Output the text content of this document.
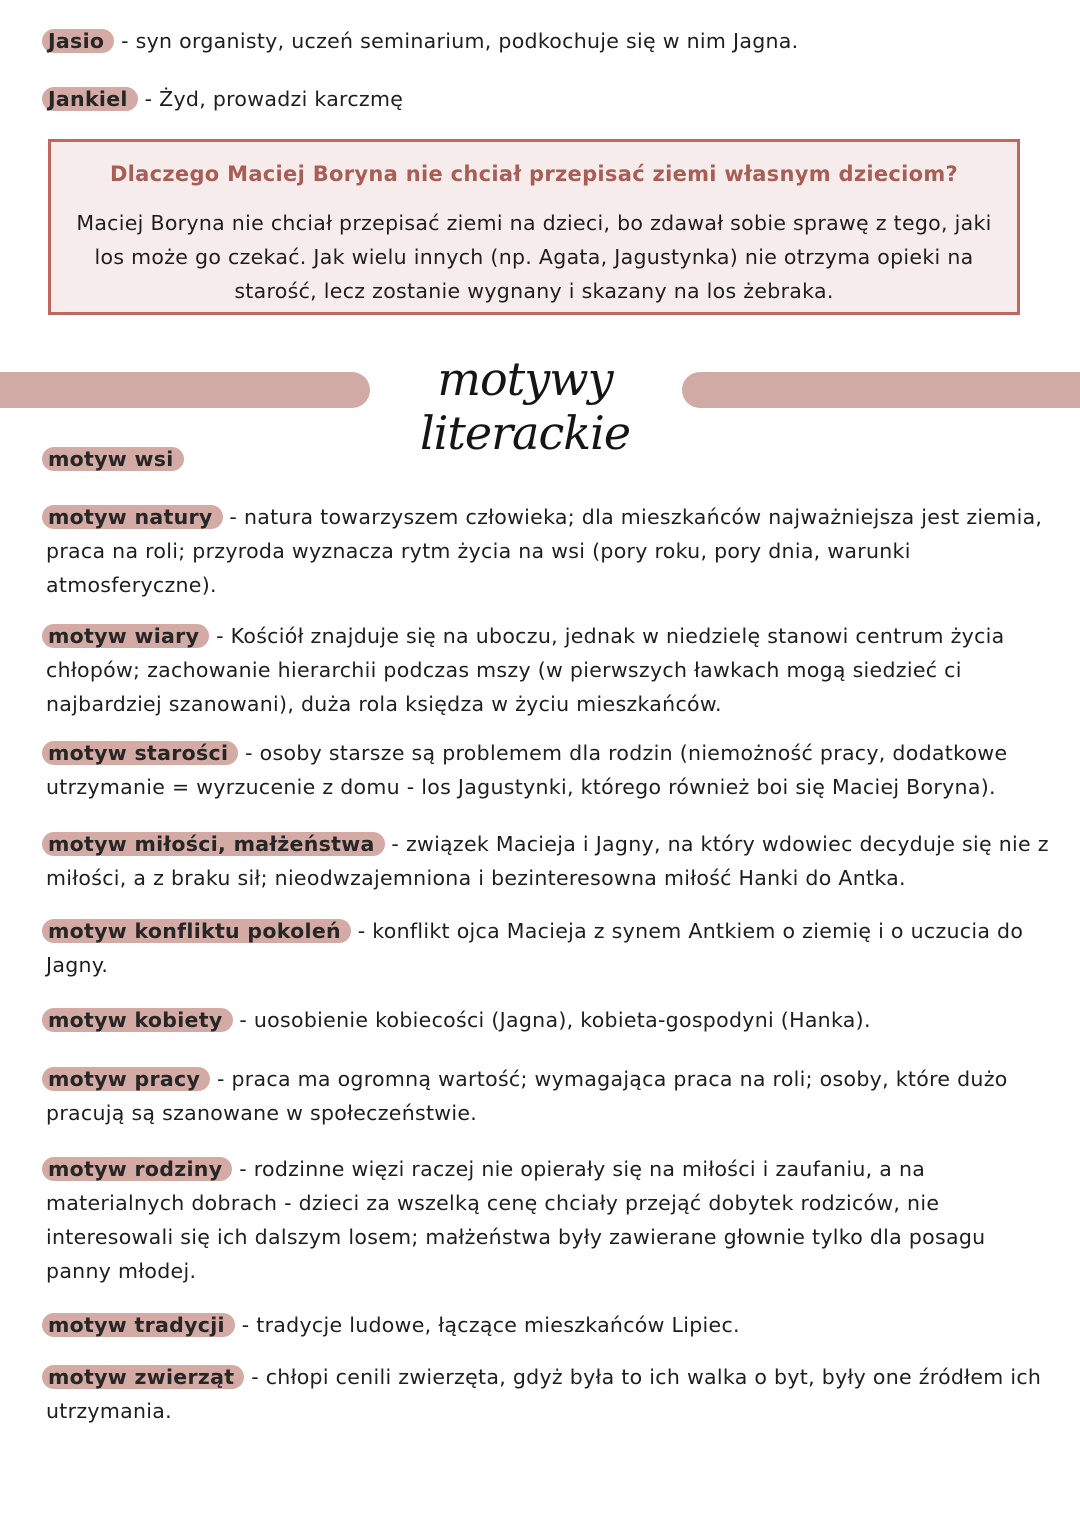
Jasio - syn organisty, uczeń seminarium, podkochuje się w nim Jagna.
Jankiel - Żyd, prowadzi karczmę
Dlaczego Maciej Boryna nie chciał przepisać ziemi własnym dzieciom?
Maciej Boryna nie chciał przepisać ziemi na dzieci, bo zdawał sobie sprawę z tego, jaki
los może go czekać. Jak wielu innych (np. Agata, Jagustynka) nie otrzyma opieki na
starość, lecz zostanie wygnany i skazany na los żebraka.
motywy literackie
motyw wsi
motyw natury - natura towarzyszem człowieka; dla mieszkańców najważniejsza jest ziemia,
praca na roli; przyroda wyznacza rytm życia na wsi (pory roku, pory dnia, warunki
atmosferyczne).
motyw wiary - Kościół znajduje się na uboczu, jednak w niedzielę stanowi centrum życia
chłopów; zachowanie hierarchii podczas mszy (w pierwszych ławkach mogą siedzieć ci
najbardziej szanowani), duża rola księdza w życiu mieszkańców.
motyw starości - osoby starsze są problemem dla rodzin (niemożność pracy, dodatkowe
utrzymanie = wyrzucenie z domu - los Jagustynki, którego również boi się Maciej Boryna).
motyw miłości, małżeństwa - związek Macieja i Jagny, na który wdowiec decyduje się nie z
miłości, a z braku sił; nieodwzajemniona i bezinteresowna miłość Hanki do Antka.
motyw konfliktu pokoleń - konflikt ojca Macieja z synem Antkiem o ziemię i o uczucia do
Jagny.
motyw kobiety - uosobienie kobiecości (Jagna), kobieta-gospodyni (Hanka).
motyw pracy - praca ma ogromną wartość; wymagająca praca na roli; osoby, które dużo
pracują są szanowane w społeczeństwie.
motyw rodziny - rodzinne więzi raczej nie opierały się na miłości i zaufaniu, a na
materialnych dobrach - dzieci za wszelką cenę chciały przejąć dobytek rodziców, nie
interesowali się ich dalszym losem; małżeństwa były zawierane głownie tylko dla posagu
panny młodej.
motyw tradycji - tradycje ludowe, łączące mieszkańców Lipiec.
motyw zwierząt - chłopi cenili zwierzęta, gdyż była to ich walka o byt, były one źródłem ich
utrzymania.
